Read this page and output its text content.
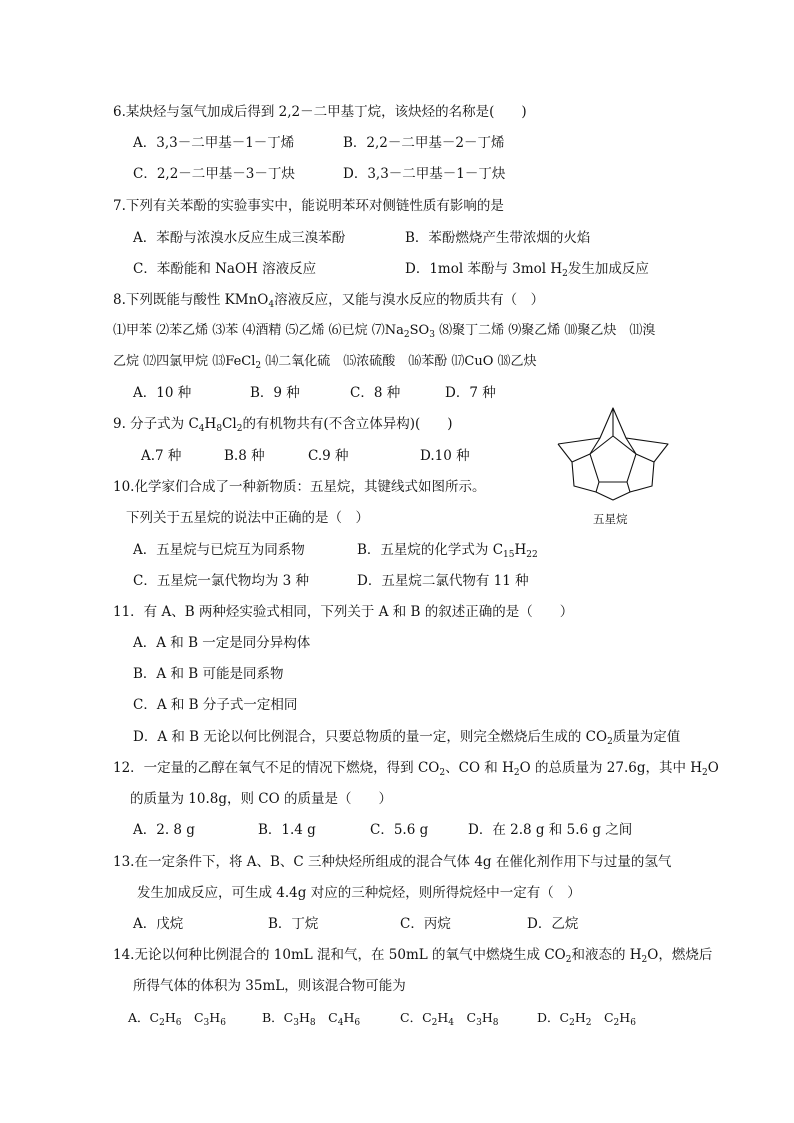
6.某炔烃与氢气加成后得到 2,2－二甲基丁烷，该炔烃的名称是(　　)
A．3,3－二甲基－1－丁烯	B．2,2－二甲基－2－丁烯
C．2,2－二甲基－3－丁炔	D．3,3－二甲基－1－丁炔
7.下列有关苯酚的实验事实中，能说明苯环对侧链性质有影响的是
A．苯酚与浓溴水反应生成三溴苯酚	B．苯酚燃烧产生带浓烟的火焰
C．苯酚能和 NaOH 溶液反应	D．1mol 苯酚与 3mol $H_2$发生加成反应
8.下列既能与酸性 KMnO$_4$溶液反应，又能与溴水反应的物质共有（　）
⑴甲苯 ⑵苯乙烯 ⑶苯 ⑷酒精 ⑸乙烯 ⑹已烷 $⑺Na_2SO_3$ ⑻聚丁二烯 ⑼聚乙烯 ⑽聚乙炔　⑾溴
乙烷 ⑿四氯甲烷 ⒀FeCl$_2$ ⒁二氧化硫　⒂浓硫酸　⒃苯酚 ⒄CuO ⒅乙炔
A．10 种	B．9 种	C．8 种	D．7 种
9. 分子式为 $C_4H_8Cl_2$的有机物共有(不含立体异构)(　　)
A.7 种	B.8 种	C.9 种	D.10 种
五星烷
10.化学家们合成了一种新物质：五星烷，其键线式如图所示。
下列关于五星烷的说法中正确的是（　）
A．五星烷与已烷互为同系物	B．五星烷的化学式为 $C_{15}H_{22}$
C．五星烷一氯代物均为 3 种	D．五星烷二氯代物有 11 种
11．有 A、B 两种烃实验式相同，下列关于 A 和 B 的叙述正确的是（　　）
A．A 和 B 一定是同分异构体
B．A 和 B 可能是同系物
C．A 和 B 分子式一定相同
D．A 和 B 无论以何比例混合，只要总物质的量一定，则完全燃烧后生成的 $CO_2$质量为定值
12．一定量的乙醇在氧气不足的情况下燃烧，得到 $CO_2$、CO 和 $H_2O$ 的总质量为 27.6g，其中 $H_2O$
的质量为 10.8g，则 CO 的质量是（　　）
A．2. 8 g	B．1.4 g	C．5.6 g	D．在 2.8 g 和 5.6 g 之间
13.在一定条件下，将 A、B、C 三种炔烃所组成的混合气体 4g 在催化剂作用下与过量的氢气
发生加成反应，可生成 4.4g 对应的三种烷烃，则所得烷烃中一定有（　）
A．戊烷	B．丁烷	C．丙烷	D．乙烷
14.无论以何种比例混合的 10mL 混和气，在 50mL 的氧气中燃烧生成 $CO_2$和液态的 $H_2O$，燃烧后
所得气体的体积为 35mL，则该混合物可能为
A．$C_2H_6$　$C_3H_6$	B．$C_3H_8$　$C_4H_6$	C．$C_2H_4$　$C_3H_8$	D．$C_2H_2$　$C_2H_6$
